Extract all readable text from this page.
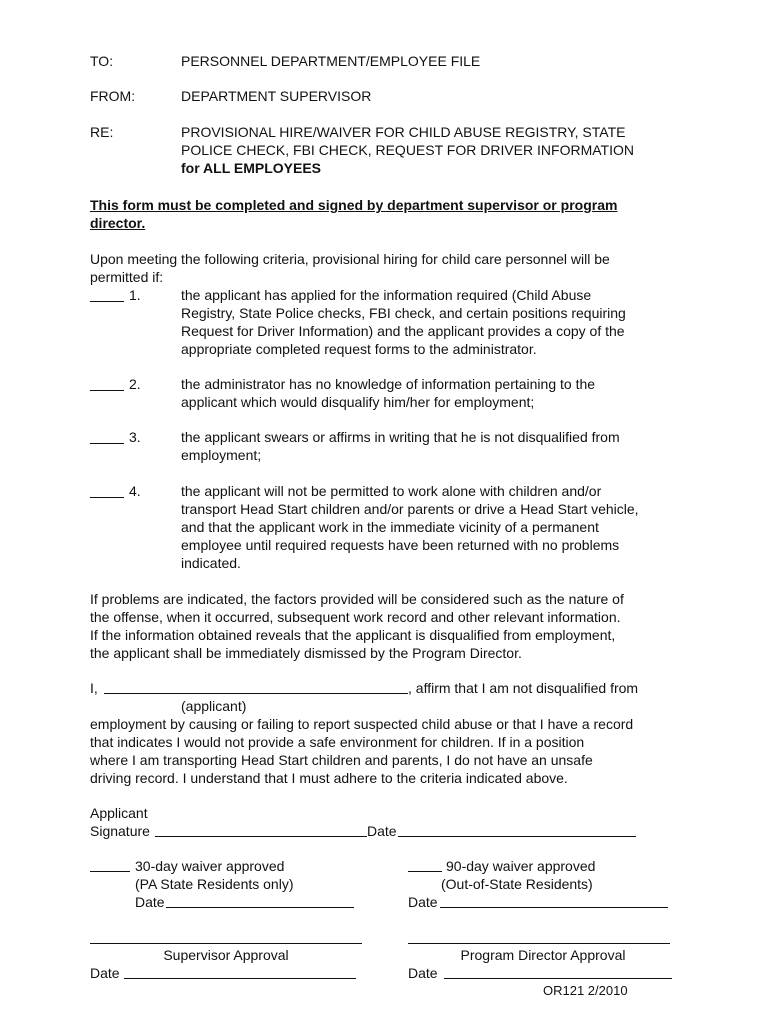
TO:	PERSONNEL DEPARTMENT/EMPLOYEE FILE
FROM:	DEPARTMENT SUPERVISOR
RE:	PROVISIONAL HIRE/WAIVER FOR CHILD ABUSE REGISTRY, STATE
POLICE CHECK, FBI CHECK, REQUEST FOR DRIVER INFORMATION
for ALL EMPLOYEES
This form must be completed and signed by department supervisor or program
director.
Upon meeting the following criteria, provisional hiring for child care personnel will be
permitted if:
1.	the applicant has applied for the information required (Child Abuse
Registry, State Police checks, FBI check, and certain positions requiring
Request for Driver Information) and the applicant provides a copy of the
appropriate completed request forms to the administrator.
2.	the administrator has no knowledge of information pertaining to the
applicant which would disqualify him/her for employment;
3.	the applicant swears or affirms in writing that he is not disqualified from
employment;
4.	the applicant will not be permitted to work alone with children and/or
transport Head Start children and/or parents or drive a Head Start vehicle,
and that the applicant work in the immediate vicinity of a permanent
employee until required requests have been returned with no problems
indicated.
If problems are indicated, the factors provided will be considered such as the nature of
the offense, when it occurred, subsequent work record and other relevant information.
If the information obtained reveals that the applicant is disqualified from employment,
the applicant shall be immediately dismissed by the Program Director.
I,	, affirm that I am not disqualified from
(applicant)
employment by causing or failing to report suspected child abuse or that I have a record
that indicates I would not provide a safe environment for children. If in a position
where I am transporting Head Start children and parents, I do not have an unsafe
driving record. I understand that I must adhere to the criteria indicated above.
Applicant
Signature	Date
30-day waiver approved
(PA State Residents only)
Date
90-day waiver approved
(Out-of-State Residents)
Date
Supervisor Approval
Date
Program Director Approval
Date
OR121 2/2010
